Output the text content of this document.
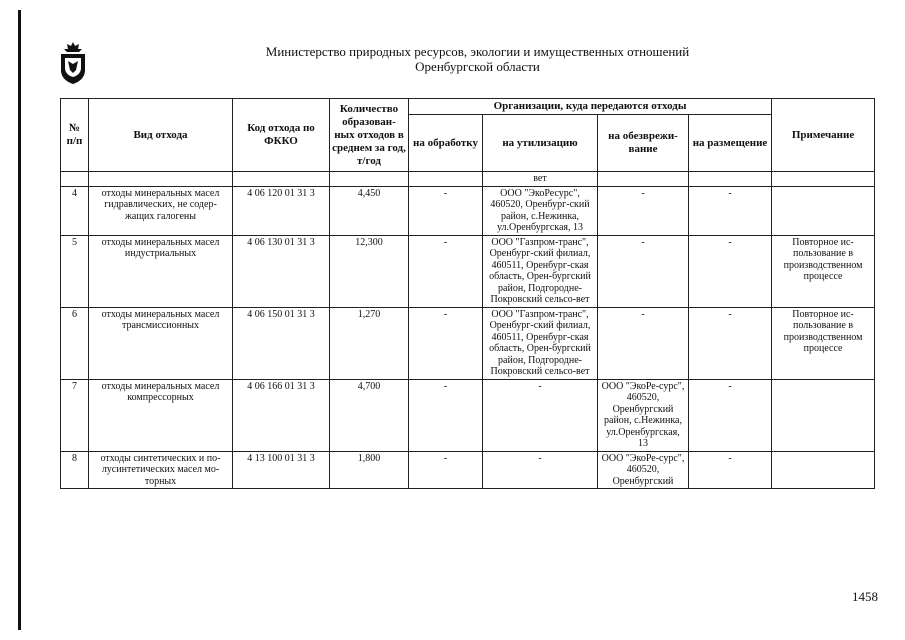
Министерство природных ресурсов, экологии и имущественных отношений
Оренбургской области
№ п/п	Вид отхода	Код отхода по ФККО	Количество образован-ных отходов в среднем за год, т/год	Организации, куда передаются отходы				Примечание
				на обработку	на утилизацию	на обезврежи-вание	на размещение	
					вет			
4	отходы минеральных масел гидравлических, не содер-жащих галогены	4 06 120 01 31 3	4,450	-	ООО "ЭкоРесурс", 460520, Оренбург-ский район, с.Нежинка, ул.Оренбургская, 13	-	-	
5	отходы минеральных масел индустриальных	4 06 130 01 31 3	12,300	-	ООО "Газпром-транс", Оренбург-ский филиал, 460511, Оренбург-ская область, Орен-бургский район, Подгородне-Покровский сельсо-вет	-	-	Повторное ис-пользование в производственном процессе
6	отходы минеральных масел трансмиссионных	4 06 150 01 31 3	1,270	-	ООО "Газпром-транс", Оренбург-ский филиал, 460511, Оренбург-ская область, Орен-бургский район, Подгородне-Покровский сельсо-вет	-	-	Повторное ис-пользование в производственном процессе
7	отходы минеральных масел компрессорных	4 06 166 01 31 3	4,700	-	-	ООО "ЭкоРе-сурс", 460520, Оренбургский район, с.Нежинка, ул.Оренбургская, 13	-	
8	отходы синтетических и по-лусинтетических масел мо-торных	4 13 100 01 31 3	1,800	-	-	ООО "ЭкоРе-сурс", 460520, Оренбургский	-	
1458
